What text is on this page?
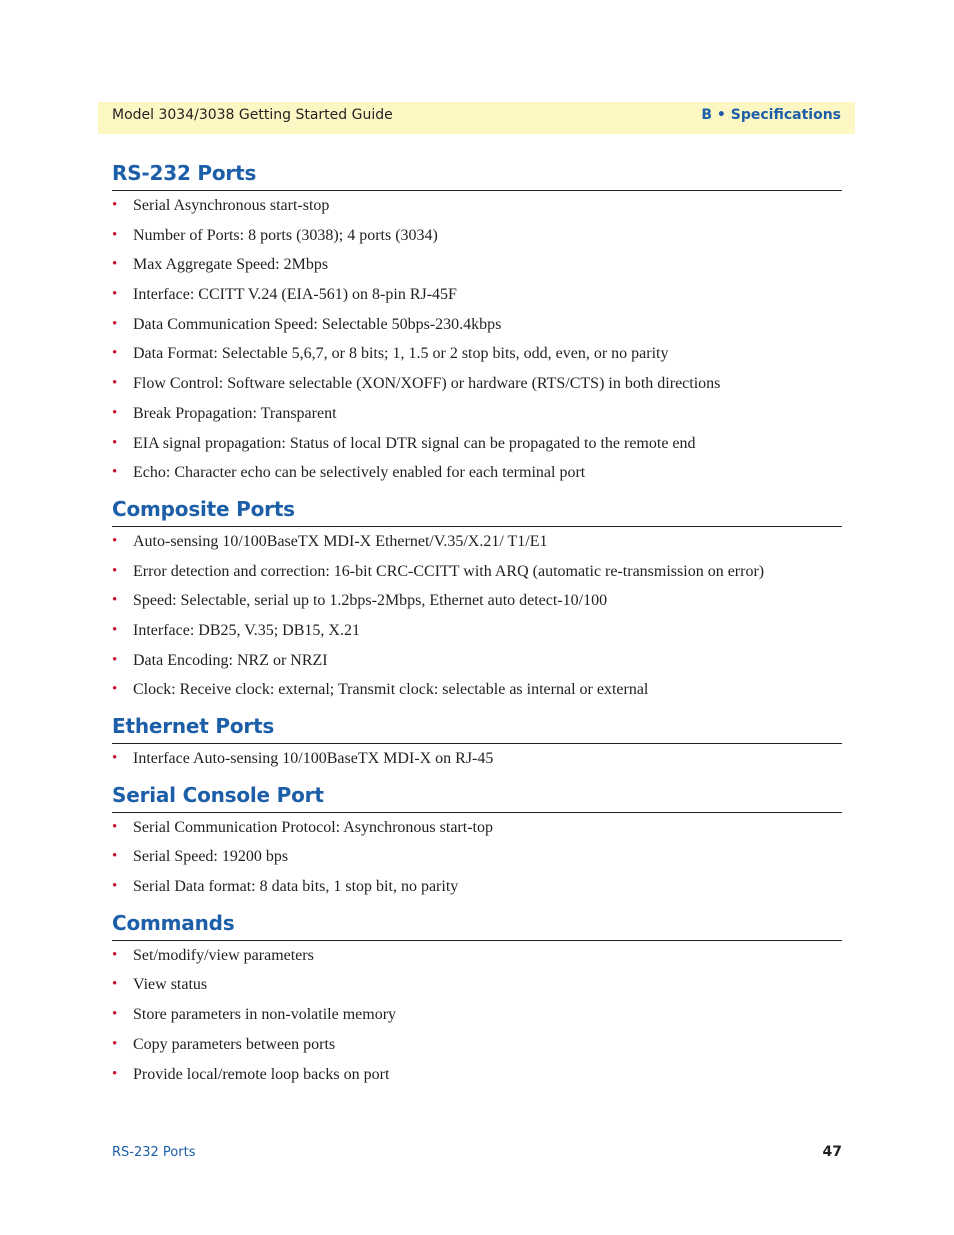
Model 3034/3038 Getting Started Guide	B • Specifications
RS-232 Ports
• Serial Asynchronous start-stop
• Number of Ports: 8 ports (3038); 4 ports (3034)
• Max Aggregate Speed: 2Mbps
• Interface: CCITT V.24 (EIA-561) on 8-pin RJ-45F
• Data Communication Speed: Selectable 50bps-230.4kbps
• Data Format: Selectable 5,6,7, or 8 bits; 1, 1.5 or 2 stop bits, odd, even, or no parity
• Flow Control: Software selectable (XON/XOFF) or hardware (RTS/CTS) in both directions
• Break Propagation: Transparent
• EIA signal propagation: Status of local DTR signal can be propagated to the remote end
• Echo: Character echo can be selectively enabled for each terminal port
Composite Ports
• Auto-sensing 10/100BaseTX MDI-X Ethernet/V.35/X.21/ T1/E1
• Error detection and correction: 16-bit CRC-CCITT with ARQ (automatic re-transmission on error)
• Speed: Selectable, serial up to 1.2bps-2Mbps, Ethernet auto detect-10/100
• Interface: DB25, V.35; DB15, X.21
• Data Encoding: NRZ or NRZI
• Clock: Receive clock: external; Transmit clock: selectable as internal or external
Ethernet Ports
• Interface Auto-sensing 10/100BaseTX MDI-X on RJ-45
Serial Console Port
• Serial Communication Protocol: Asynchronous start-top
• Serial Speed: 19200 bps
• Serial Data format: 8 data bits, 1 stop bit, no parity
Commands
• Set/modify/view parameters
• View status
• Store parameters in non-volatile memory
• Copy parameters between ports
• Provide local/remote loop backs on port
RS-232 Ports	47
